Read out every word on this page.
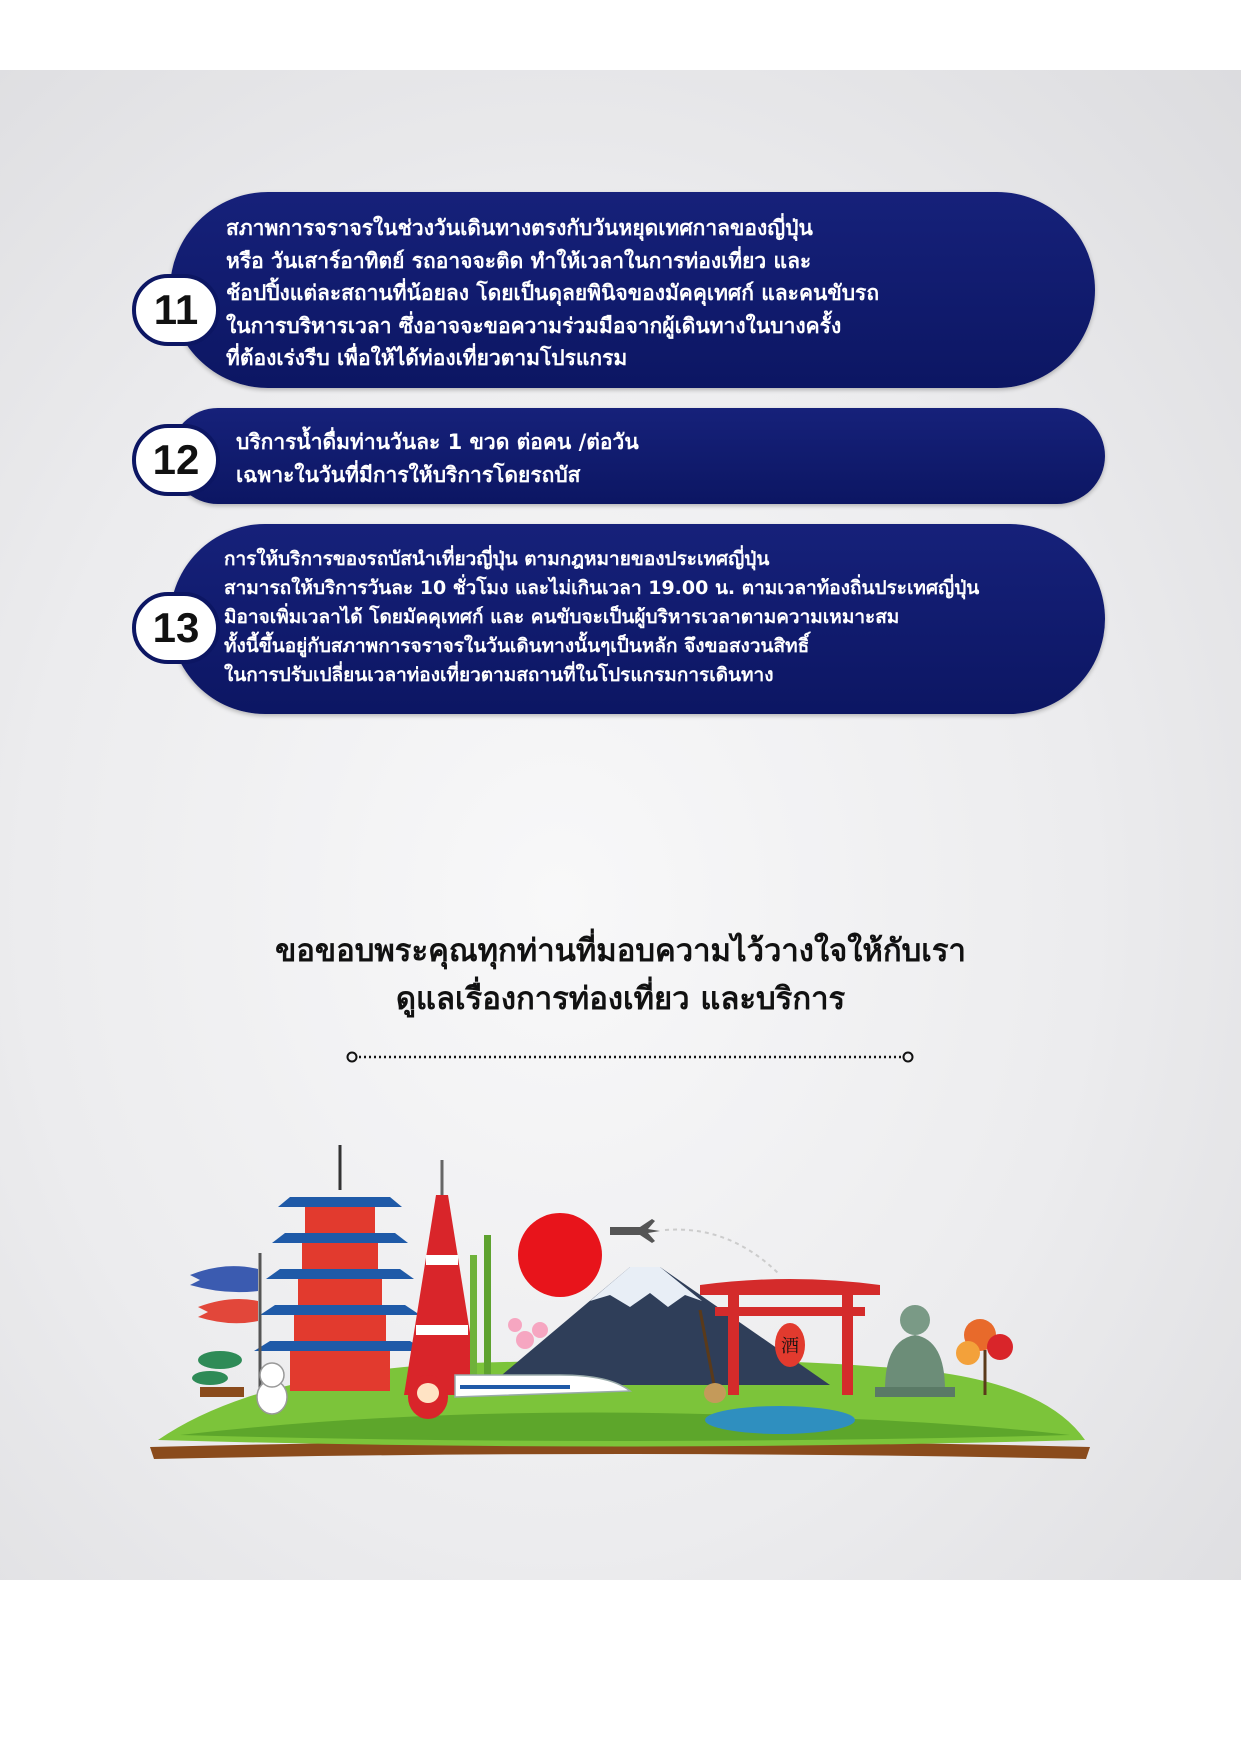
11
สภาพการจราจรในช่วงวันเดินทางตรงกับวันหยุดเทศกาลของญี่ปุ่น
หรือ วันเสาร์อาทิตย์ รถอาจจะติด ทำให้เวลาในการท่องเที่ยว และ
ช้อปปิ้งแต่ละสถานที่น้อยลง โดยเป็นดุลยพินิจของมัคคุเทศก์ และคนขับรถ
ในการบริหารเวลา ซึ่งอาจจะขอความร่วมมือจากผู้เดินทางในบางครั้ง
ที่ต้องเร่งรีบ เพื่อให้ได้ท่องเที่ยวตามโปรแกรม
12	บริการน้ำดื่มท่านวันละ 1 ขวด ต่อคน /ต่อวัน
เฉพาะในวันที่มีการให้บริการโดยรถบัส
13
การให้บริการของรถบัสนำเที่ยวญี่ปุ่น ตามกฎหมายของประเทศญี่ปุ่น
สามารถให้บริการวันละ 10 ชั่วโมง และไม่เกินเวลา 19.00 น. ตามเวลาท้องถิ่นประเทศญี่ปุ่น
มิอาจเพิ่มเวลาได้ โดยมัคคุเทศก์ และ คนขับจะเป็นผู้บริหารเวลาตามความเหมาะสม
ทั้งนี้ขึ้นอยู่กับสภาพการจราจรในวันเดินทางนั้นๆเป็นหลัก จึงขอสงวนสิทธิ์
ในการปรับเปลี่ยนเวลาท่องเที่ยวตามสถานที่ในโปรแกรมการเดินทาง
ขอขอบพระคุณทุกท่านที่มอบความไว้วางใจให้กับเรา
ดูแลเรื่องการท่องเที่ยว และบริการ
酒
